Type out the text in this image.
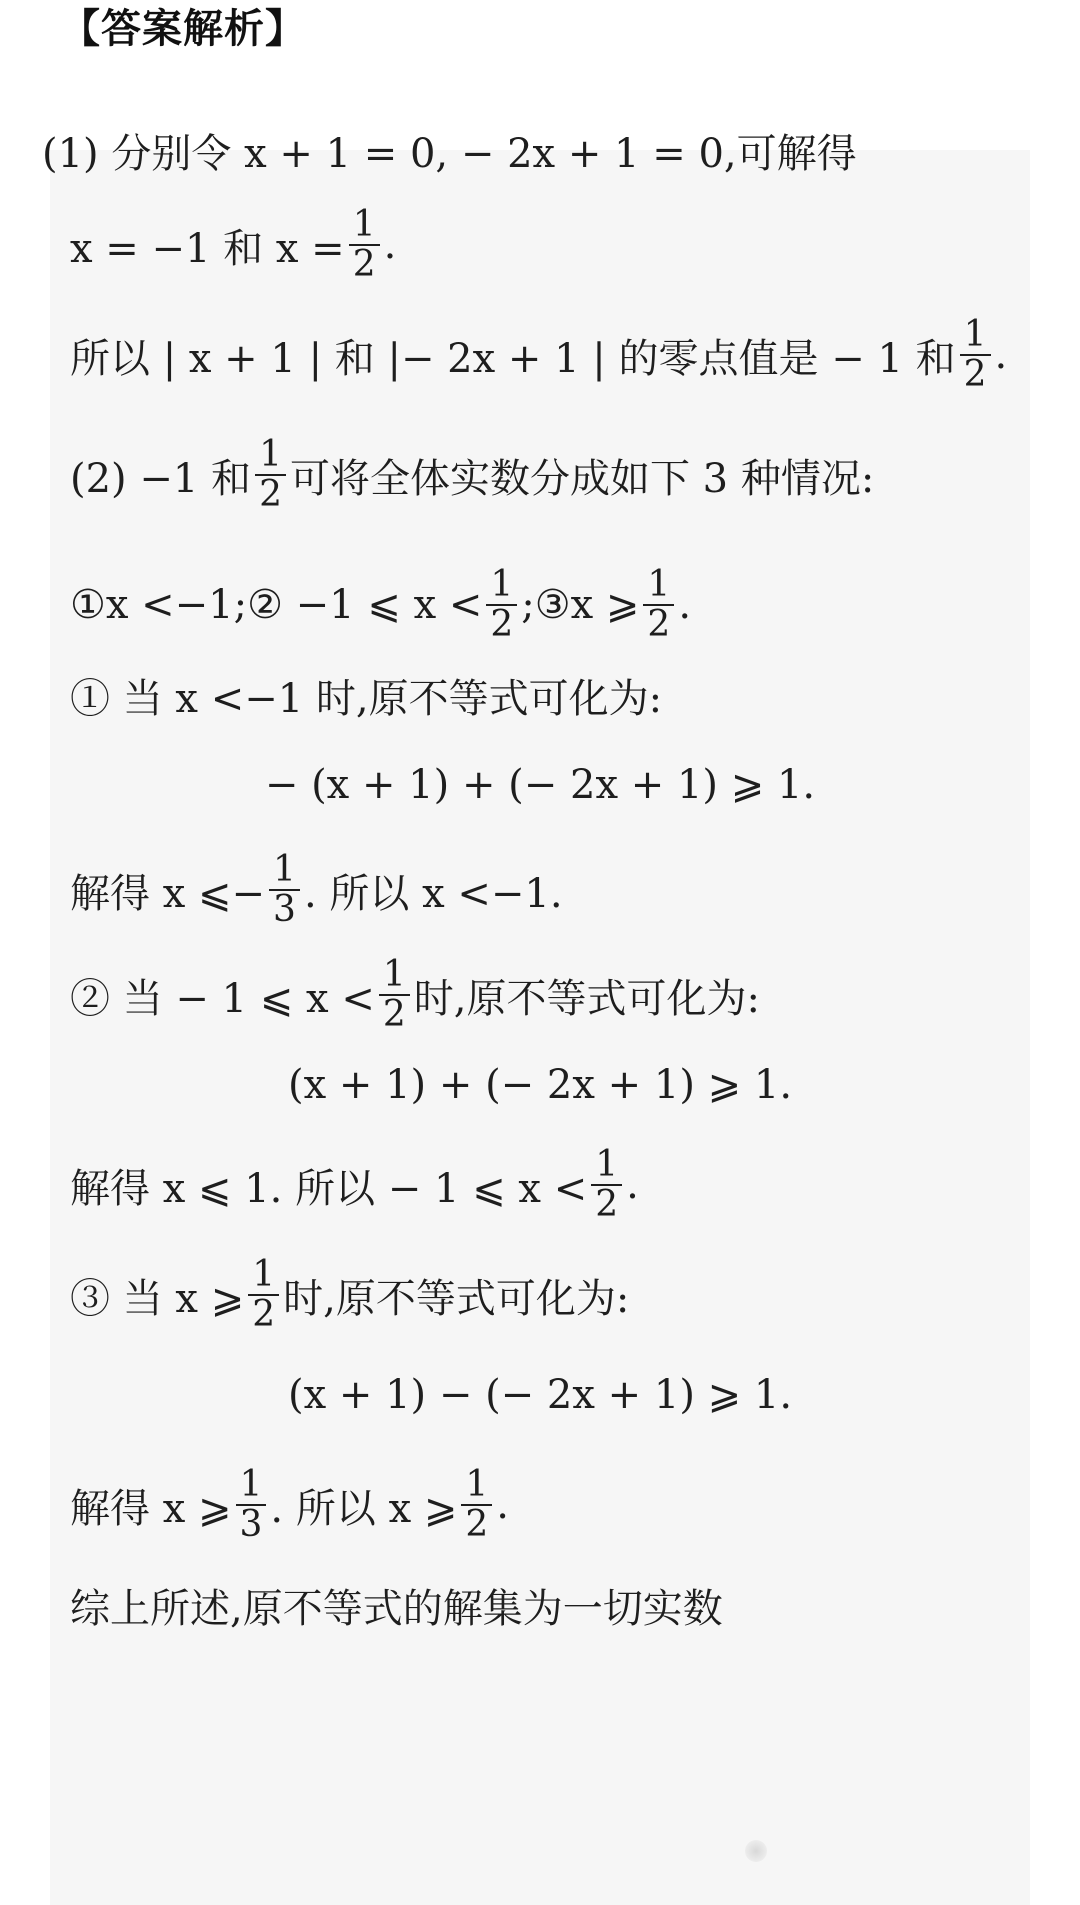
【答案解析】
(1) 分别令 x + 1 = 0, − 2x + 1 = 0,可解得
x = −1 和 $x = \frac{1}{2}$ .
所以 | x + 1 | 和 |− 2x + 1 | 的零点值是 − 1 和 $\frac{1}{2}$ .
(2) −1 和 $\frac{1}{2}$ 可将全体实数分成如下 3 种情况:
①x <−1;② −1 ⩽ $x < \frac{1}{2}$ ;③x ⩾ $\frac{1}{2}$ .
① 当 x <−1 时,原不等式可化为:
− (x + 1) + (− 2x + 1) ⩾ 1.
解得 x ⩽− $\frac{1}{3}$ . 所以 x <−1.
② 当 − 1 ⩽ $x < \frac{1}{2}$ 时,原不等式可化为:
(x + 1) + (− 2x + 1) ⩾ 1.
解得 x ⩽ 1. 所以 − 1 ⩽ $x < \frac{1}{2}$ .
③ 当 x ⩾ $\frac{1}{2}$ 时,原不等式可化为:
(x + 1) − (− 2x + 1) ⩾ 1.
解得 x ⩾ $\frac{1}{3}$ . 所以 x ⩾ $\frac{1}{2}$ .
综上所述,原不等式的解集为一切实数
